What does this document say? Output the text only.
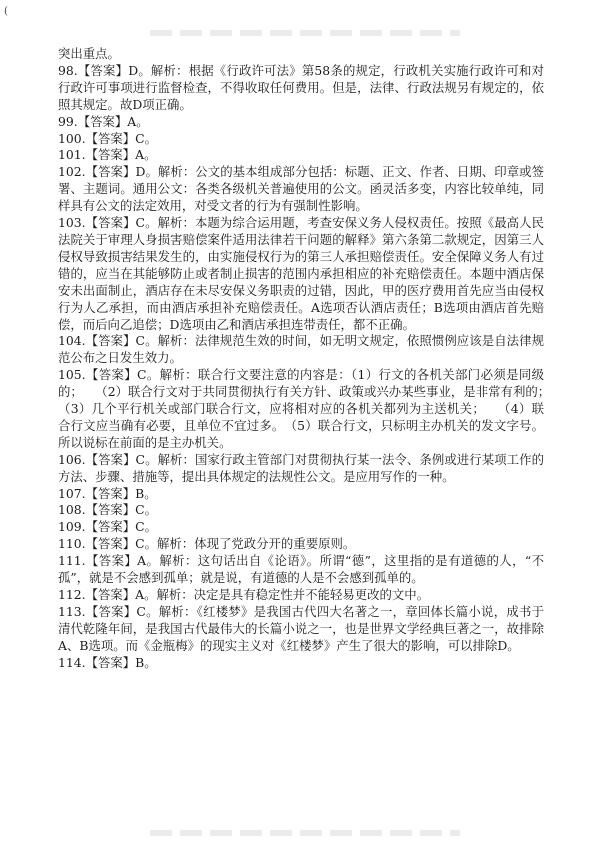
(

突出重点。

98.【答案】D。解析：根据《行政许可法》第58条的规定，行政机关实施行政许可和对行政许可事项进行监督检查，不得收取任何费用。但是，法律、行政法规另有规定的，依照其规定。故D项正确。

99.【答案】A。

100.【答案】C。

101.【答案】A。

102.【答案】D。解析：公文的基本组成部分包括：标题、正文、作者、日期、印章或签署、主题词。通用公文：各类各级机关普遍使用的公文。函灵活多变，内容比较单纯，同样具有公文的法定效用，对受文者的行为有强制性影响。

103.【答案】C。解析：本题为综合运用题，考查安保义务人侵权责任。按照《最高人民法院关于审理人身损害赔偿案件适用法律若干问题的解释》第六条第二款规定，因第三人侵权导致损害结果发生的，由实施侵权行为的第三人承担赔偿责任。安全保障义务人有过错的，应当在其能够防止或者制止损害的范围内承担相应的补充赔偿责任。本题中酒店保安未出面制止，酒店存在未尽安保义务职责的过错，因此，甲的医疗费用首先应当由侵权行为人乙承担，而由酒店承担补充赔偿责任。A选项否认酒店责任；B选项由酒店首先赔偿，而后向乙追偿；D选项由乙和酒店承担连带责任，都不正确。

104.【答案】C。解析：法律规范生效的时间，如无明文规定，依照惯例应该是自法律规范公布之日发生效力。

105.【答案】C。解析：联合行文要注意的内容是：（1）行文的各机关部门必须是同级的；　　（2）联合行文对于共同贯彻执行有关方针、政策或兴办某些事业，是非常有利的；　　（3）几个平行机关或部门联合行文，应将相对应的各机关都列为主送机关；　　（4）联合行文应当确有必要，且单位不宜过多。　（5）联合行文，只标明主办机关的发文字号。所以说标在前面的是主办机关。

106.【答案】C。解析：国家行政主管部门对贯彻执行某一法令、条例或进行某项工作的方法、步骤、措施等，提出具体规定的法规性公文。是应用写作的一种。

107.【答案】B。

108.【答案】C。

109.【答案】C。

110.【答案】C。解析：体现了党政分开的重要原则。

111.【答案】A。解析：这句话出自《论语》。所谓“德”，这里指的是有道德的人，“不孤”，就是不会感到孤单；就是说，有道德的人是不会感到孤单的。

112.【答案】A。解析：决定是具有稳定性并不能轻易更改的文中。

113.【答案】C。解析：《红楼梦》是我国古代四大名著之一，章回体长篇小说，成书于清代乾隆年间，是我国古代最伟大的长篇小说之一，也是世界文学经典巨著之一，故排除A、B选项。而《金瓶梅》的现实主义对《红楼梦》产生了很大的影响，可以排除D。

114.【答案】B。
